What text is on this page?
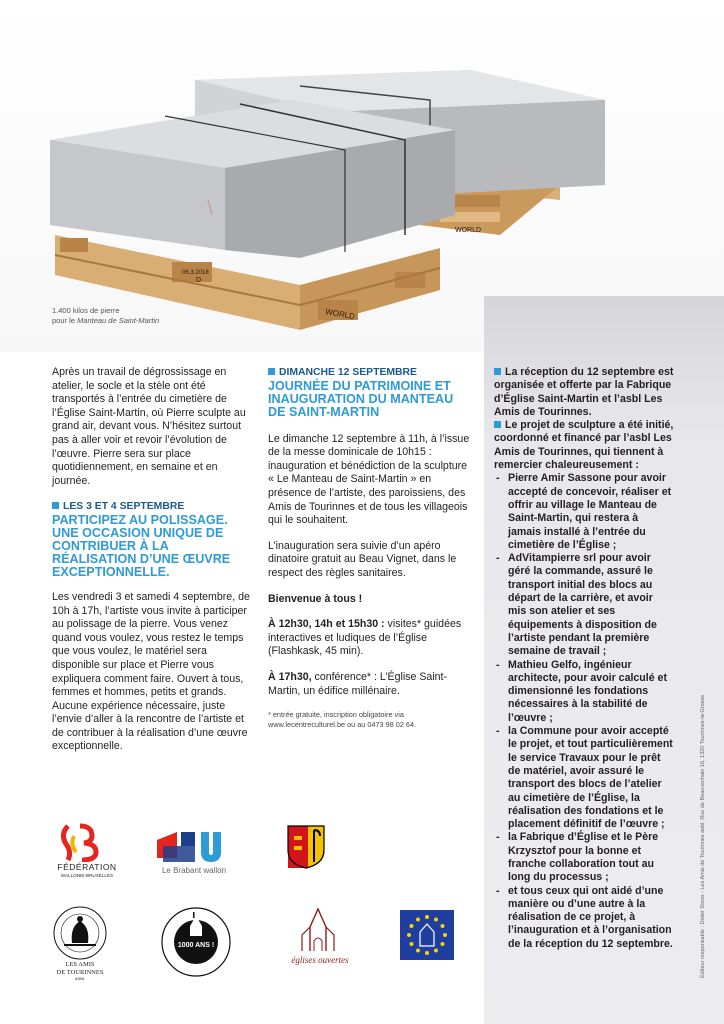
06.3.2018
D
WORLD
WORLD
1.400 kilos de pierre
pour le Manteau de Saint-Martin

Après un travail de dégrossissage en atelier, le socle et la stèle ont été transportés à l’entrée du cimetière de l’Église Saint-Martin, où Pierre sculpte au grand air, devant vous. N’hésitez surtout pas à aller voir et revoir l’évolution de l’œuvre. Pierre sera sur place quotidiennement, en semaine et en journée.

LES 3 ET 4 SEPTEMBRE
PARTICIPEZ AU POLISSAGE. UNE OCCASION UNIQUE DE CONTRIBUER À LA RÉALISATION D’UNE ŒUVRE EXCEPTIONNELLE.

Les vendredi 3 et samedi 4 septembre, de 10h à 17h, l’artiste vous invite à participer au polissage de la pierre. Vous venez quand vous voulez, vous restez le temps que vous voulez, le matériel sera disponible sur place et Pierre vous expliquera comment faire. Ouvert à tous, femmes et hommes, petits et grands. Aucune expérience nécessaire, juste l’envie d’aller à la rencontre de l’artiste et de contribuer à la réalisation d’une œuvre exceptionnelle.

DIMANCHE 12 SEPTEMBRE
JOURNÉE DU PATRIMOINE ET INAUGURATION DU MANTEAU DE SAINT-MARTIN

Le dimanche 12 septembre à 11h, à l’issue de la messe dominicale de 10h15 : inauguration et bénédiction de la sculpture « Le Manteau de Saint-Martin » en présence de l’artiste, des paroissiens, des Amis de Tourinnes et de tous les villageois qui le souhaitent.

L’inauguration sera suivie d’un apéro dinatoire gratuit au Beau Vignet, dans le respect des règles sanitaires.

Bienvenue à tous !

À 12h30, 14h et 15h30 : visites* guidées interactives et ludiques de l’Église (Flashkask, 45 min).

À 17h30, conférence* : L’Église Saint-Martin, un édifice millénaire.

* entrée gratuite, inscription obligatoire via www.lecentreculturel.be ou au 0473 98 02 64.

La réception du 12 septembre est organisée et offerte par la Fabrique d’Église Saint-Martin et l’asbl Les Amis de Tourinnes.

Le projet de sculpture a été initié, coordonné et financé par l’asbl Les Amis de Tourinnes, qui tiennent à remercier chaleureusement :

- Pierre Amir Sassone pour avoir accepté de concevoir, réaliser et offrir au village le Manteau de Saint-Martin, qui restera à jamais installé à l’entrée du cimetière de l’Église ;
- AdVitampierre srl pour avoir géré la commande, assuré le transport initial des blocs au départ de la carrière, et avoir mis son atelier et ses équipements à disposition de l’artiste pendant la première semaine de travail ;
- Mathieu Gelfo, ingénieur architecte, pour avoir calculé et dimensionné les fondations nécessaires à la stabilité de l’œuvre ;
- la Commune pour avoir accepté le projet, et tout particulièrement le service Travaux pour le prêt de matériel, avoir assuré le transport des blocs de l’atelier au cimetière de l’Église, la réalisation des fondations et le placement définitif de l’œuvre ;
- la Fabrique d’Église et le Père Krzysztof pour la bonne et franche collaboration tout au long du processus ;
- et tous ceux qui ont aidé d’une manière ou d’une autre à la réalisation de ce projet, à l’inauguration et à l’organisation de la réception du 12 septembre.	Éditeur responsable : Didier Dizoo - Les Amis de Tourinnes asbl, Rue de Beauvechain 16, 1320 Tourinnes-la-Grosse
FÉDÉRATION
WALLONIE-BRUXELLES
Le Brabant wallon
LES AMIS
DE TOURINNES
ASBL
1000 ANS !
églises ouvertes
